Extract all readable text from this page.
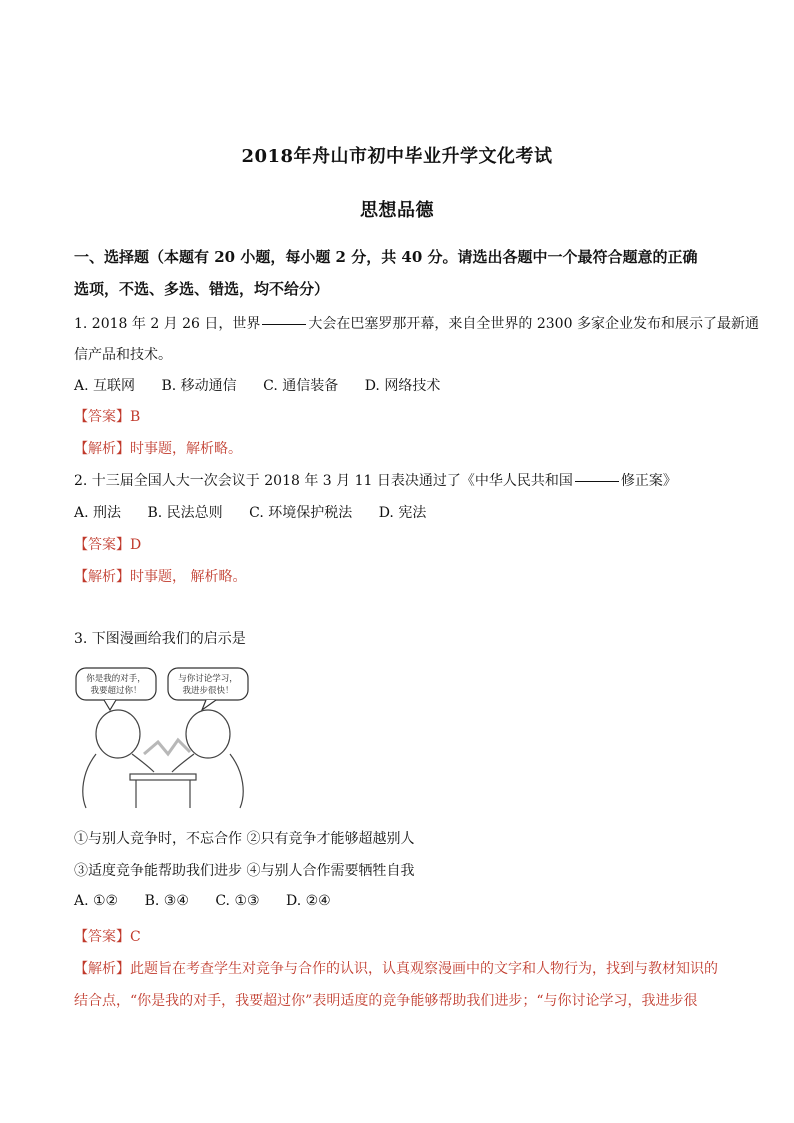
2018年舟山市初中毕业升学文化考试
思想品德
一、选择题（本题有 20 小题，每小题 2 分，共 40 分。请选出各题中一个最符合题意的正确
选项，不选、多选、错选，均不给分）
1. 2018 年 2 月 26 日，世界	大会在巴塞罗那开幕，来自全世界的 2300 多家企业发布和展示了最新通
信产品和技术。
A. 互联网 B. 移动通信 C. 通信装备 D. 网络技术
【答案】B
【解析】时事题，解析略。
2. 十三届全国人大一次会议于 2018 年 3 月 11 日表决通过了《中华人民共和国	修正案》
A. 刑法 B. 民法总则 C. 环境保护税法 D. 宪法
【答案】D
【解析】时事题， 解析略。
3. 下图漫画给我们的启示是
你是我的对手，
我要超过你！
与你讨论学习，
我进步很快！
①与别人竞争时，不忘合作 ②只有竞争才能够超越别人
③适度竞争能帮助我们进步 ④与别人合作需要牺牲自我
A. ①② B. ③④ C. ①③ D. ②④
【答案】C
【解析】此题旨在考查学生对竞争与合作的认识，认真观察漫画中的文字和人物行为，找到与教材知识的
结合点，“你是我的对手，我要超过你”表明适度的竞争能够帮助我们进步；“与你讨论学习，我进步很
